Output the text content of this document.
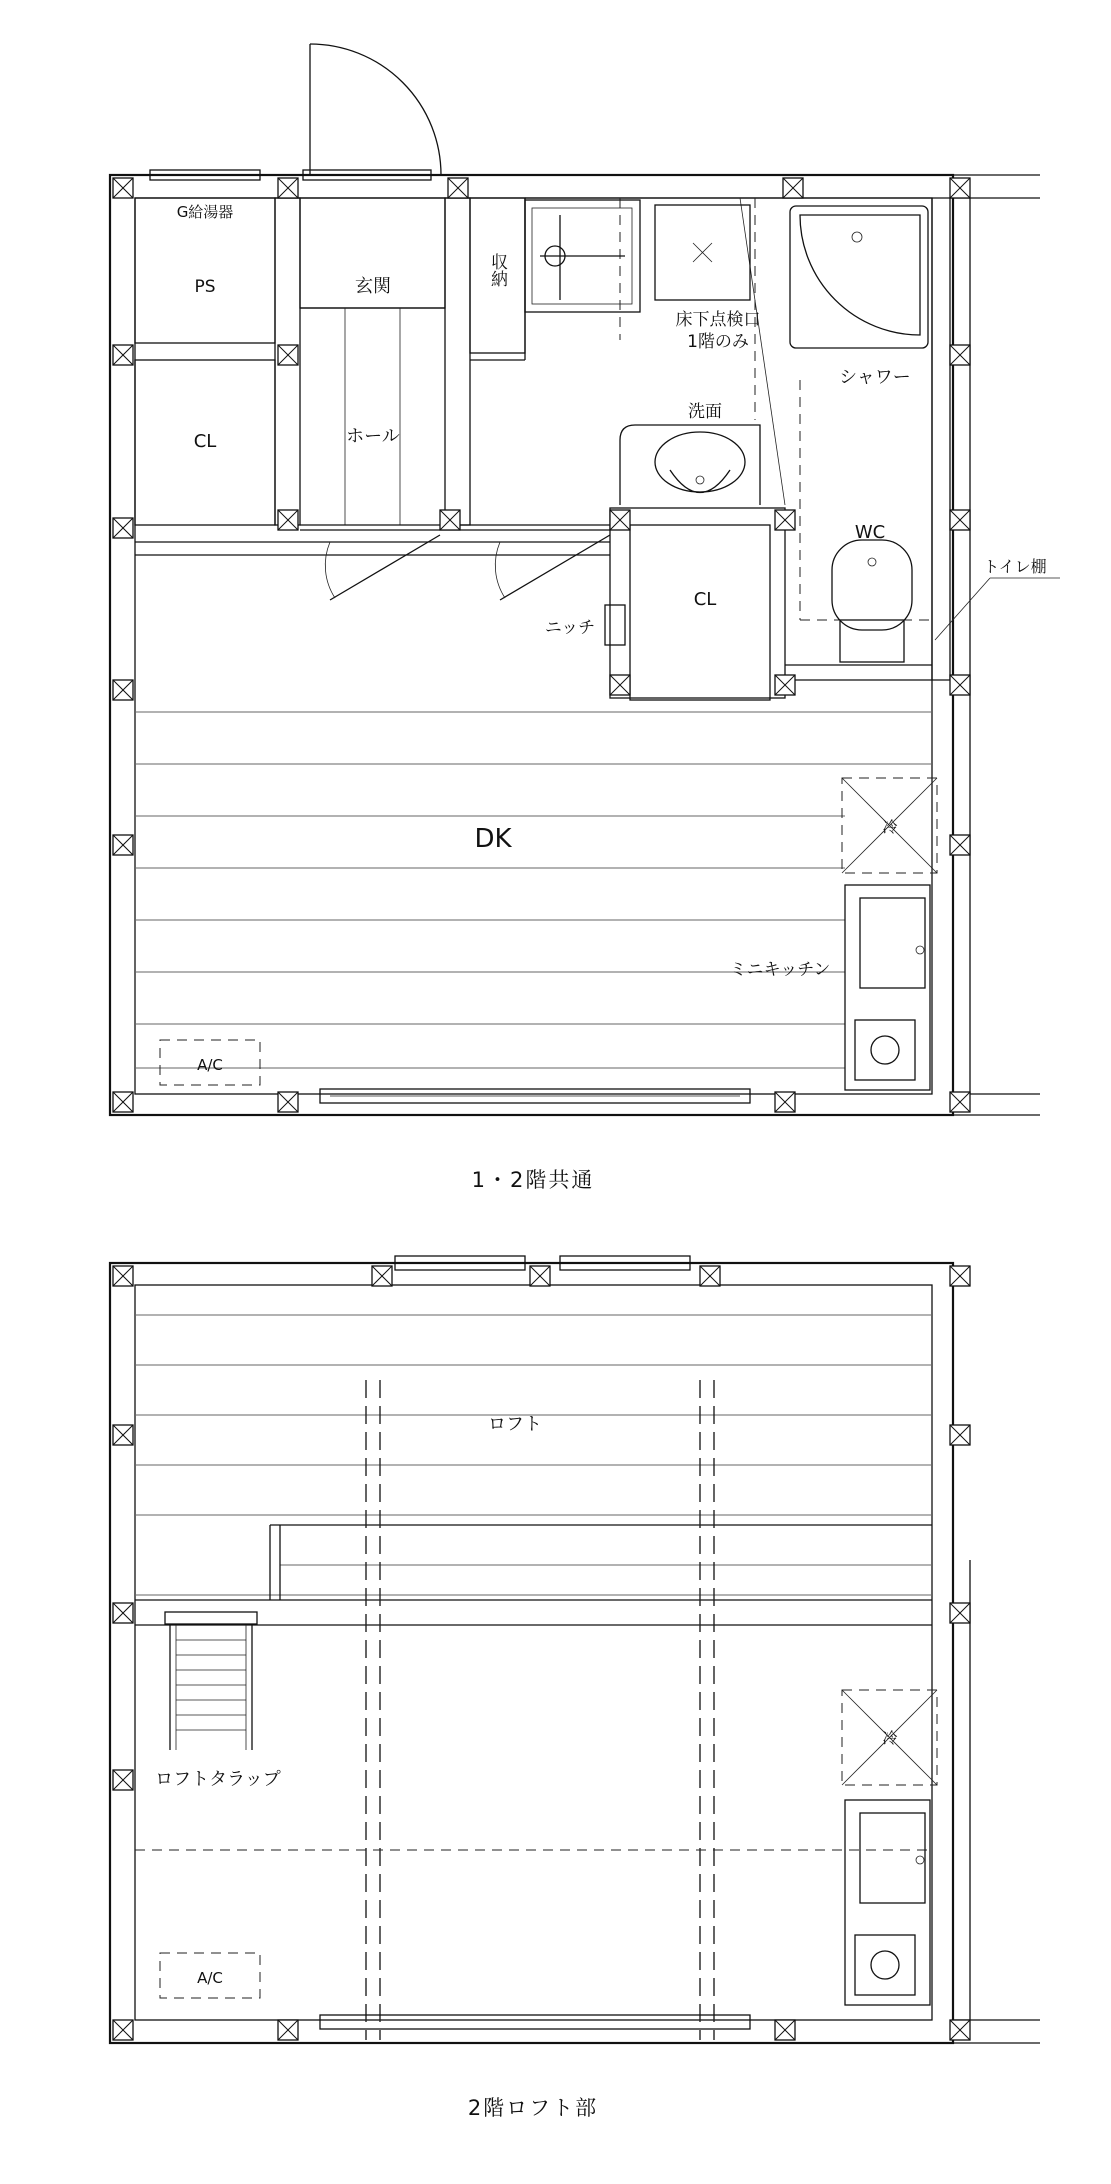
G給湯器
PS	玄関	収納
床下点検口
1階のみ
シャワー
洗面
CL	ホール
WC
トイレ棚
CL
ニッチ
DK	冷
ミニキッチン
A/C
1・2階共通
ロフト
ロフトタラップ
冷
A/C
2階ロフト部
